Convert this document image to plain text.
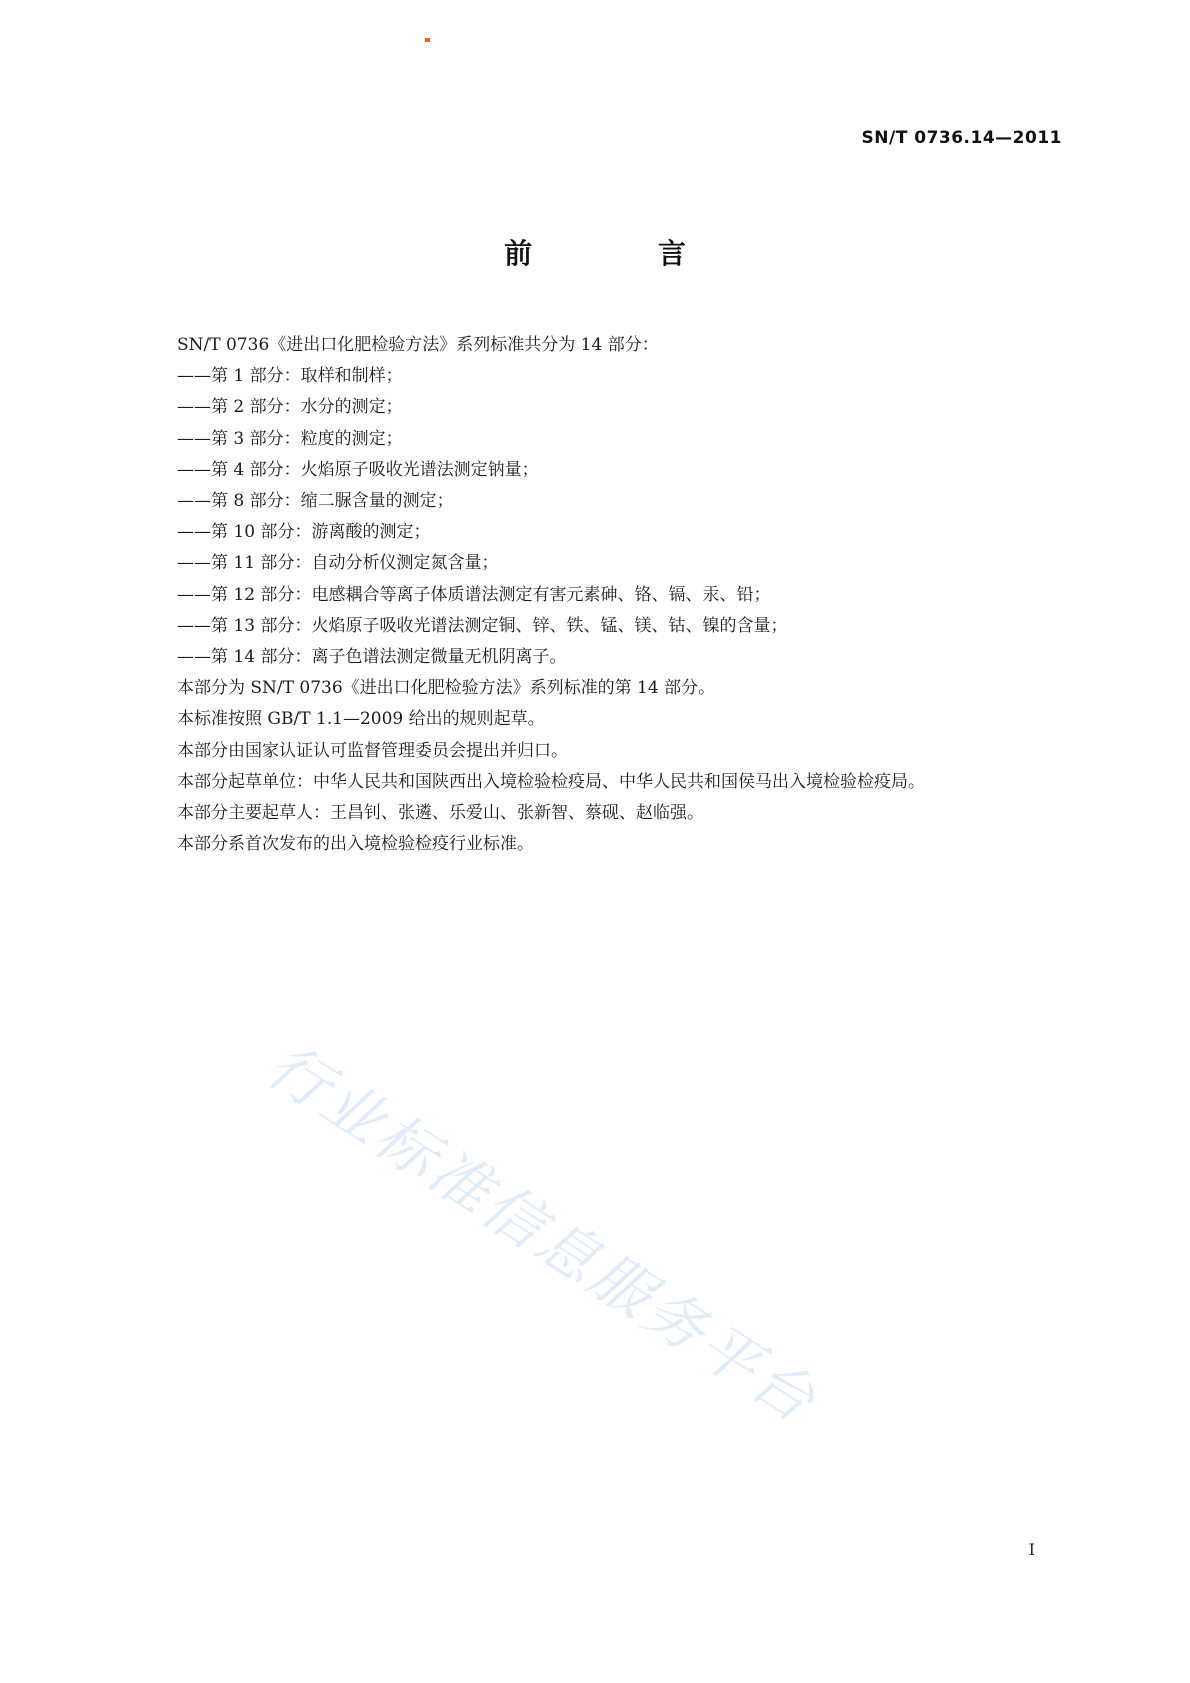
SN/T 0736.14—2011
前 言

SN/T 0736《进出口化肥检验方法》系列标准共分为 14 部分：

——第 1 部分：取样和制样；

——第 2 部分：水分的测定；

——第 3 部分：粒度的测定；

——第 4 部分：火焰原子吸收光谱法测定钠量；

——第 8 部分：缩二脲含量的测定；

——第 10 部分：游离酸的测定；

——第 11 部分：自动分析仪测定氮含量；

——第 12 部分：电感耦合等离子体质谱法测定有害元素砷、铬、镉、汞、铅；

——第 13 部分：火焰原子吸收光谱法测定铜、锌、铁、锰、镁、钴、镍的含量；

——第 14 部分：离子色谱法测定微量无机阴离子。

本部分为 SN/T 0736《进出口化肥检验方法》系列标准的第 14 部分。

本标准按照 GB/T 1.1—2009 给出的规则起草。

本部分由国家认证认可监督管理委员会提出并归口。

本部分起草单位：中华人民共和国陕西出入境检验检疫局、中华人民共和国侯马出入境检验检疫局。

本部分主要起草人：王昌钊、张遴、乐爱山、张新智、蔡砚、赵临强。

本部分系首次发布的出入境检验检疫行业标准。

行业标准信息服务平台
I
